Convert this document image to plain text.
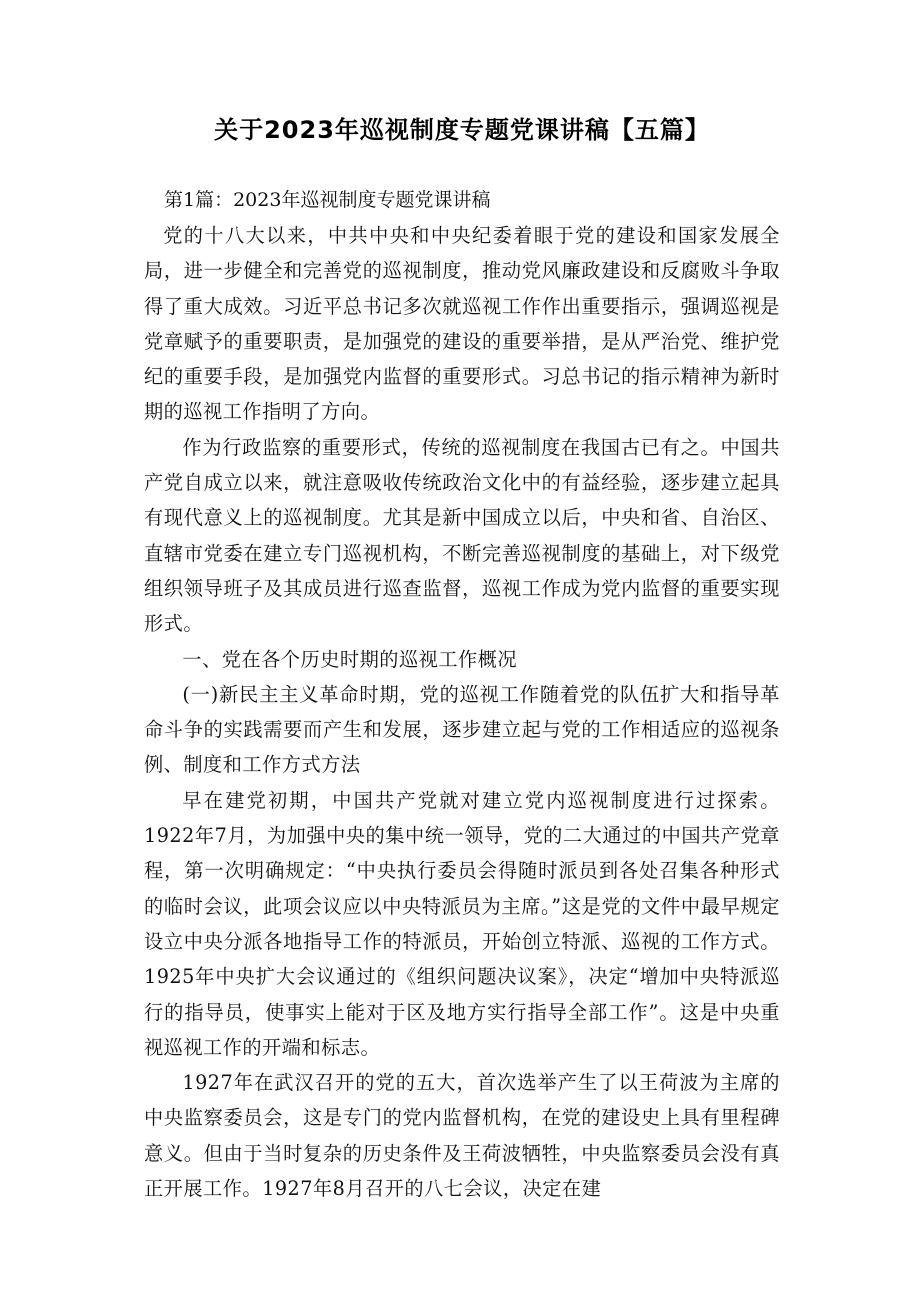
关于2023年巡视制度专题党课讲稿【五篇】

第1篇：2023年巡视制度专题党课讲稿

党的十八大以来，中共中央和中央纪委着眼于党的建设和国家发展全局，进一步健全和完善党的巡视制度，推动党风廉政建设和反腐败斗争取得了重大成效。习近平总书记多次就巡视工作作出重要指示，强调巡视是党章赋予的重要职责，是加强党的建设的重要举措，是从严治党、维护党纪的重要手段，是加强党内监督的重要形式。习总书记的指示精神为新时期的巡视工作指明了方向。

作为行政监察的重要形式，传统的巡视制度在我国古已有之。中国共产党自成立以来，就注意吸收传统政治文化中的有益经验，逐步建立起具有现代意义上的巡视制度。尤其是新中国成立以后，中央和省、自治区、直辖市党委在建立专门巡视机构，不断完善巡视制度的基础上，对下级党组织领导班子及其成员进行巡查监督，巡视工作成为党内监督的重要实现形式。

一、党在各个历史时期的巡视工作概况

(一)新民主主义革命时期，党的巡视工作随着党的队伍扩大和指导革命斗争的实践需要而产生和发展，逐步建立起与党的工作相适应的巡视条例、制度和工作方式方法

早在建党初期，中国共产党就对建立党内巡视制度进行过探索。1922年7月，为加强中央的集中统一领导，党的二大通过的中国共产党章程，第一次明确规定：“中央执行委员会得随时派员到各处召集各种形式的临时会议，此项会议应以中央特派员为主席。”这是党的文件中最早规定设立中央分派各地指导工作的特派员，开始创立特派、巡视的工作方式。 1925年中央扩大会议通过的《组织问题决议案》，决定“增加中央特派巡行的指导员，使事实上能对于区及地方实行指导全部工作”。这是中央重视巡视工作的开端和标志。

1927年在武汉召开的党的五大，首次选举产生了以王荷波为主席的中央监察委员会，这是专门的党内监督机构，在党的建设史上具有里程碑意义。但由于当时复杂的历史条件及王荷波牺牲，中央监察委员会没有真正开展工作。1927年8月召开的八七会议，决定在建
